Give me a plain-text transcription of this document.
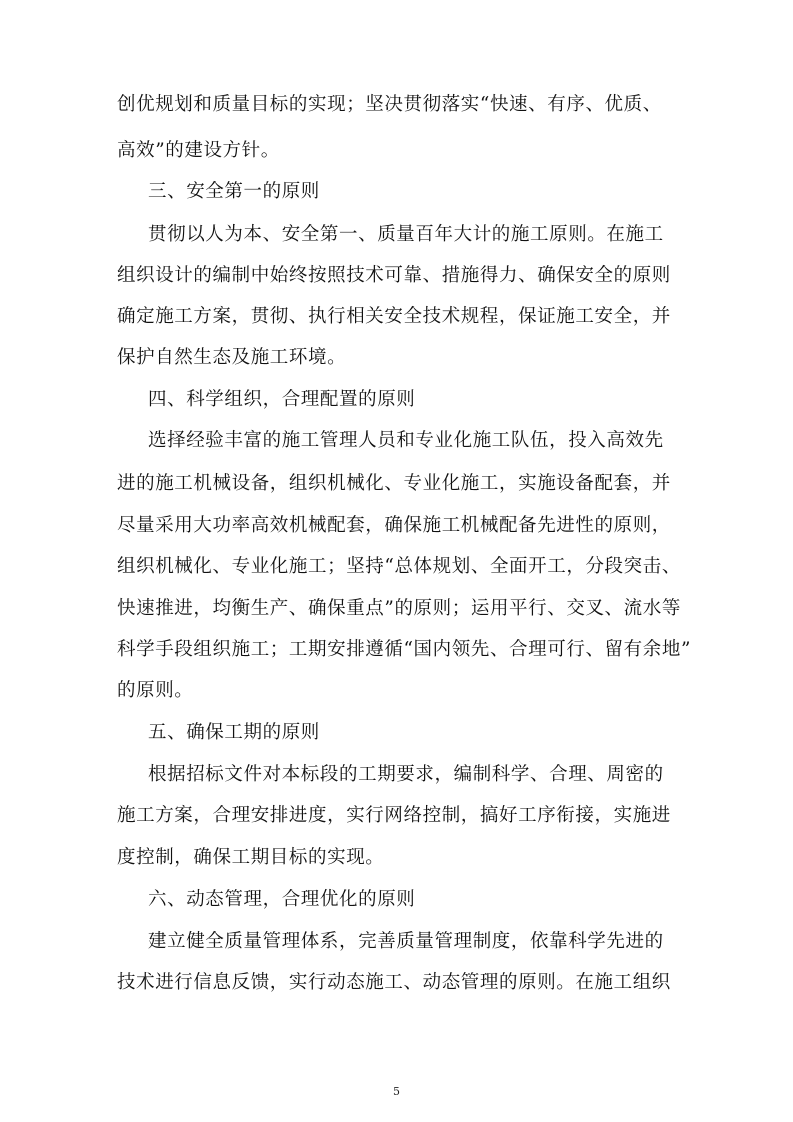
创优规划和质量目标的实现；坚决贯彻落实“快速、有序、优质、
高效”的建设方针。
三、安全第一的原则
贯彻以人为本、安全第一、质量百年大计的施工原则。在施工
组织设计的编制中始终按照技术可靠、措施得力、确保安全的原则
确定施工方案，贯彻、执行相关安全技术规程，保证施工安全，并
保护自然生态及施工环境。
四、科学组织，合理配置的原则
选择经验丰富的施工管理人员和专业化施工队伍，投入高效先
进的施工机械设备，组织机械化、专业化施工，实施设备配套，并
尽量采用大功率高效机械配套，确保施工机械配备先进性的原则，
组织机械化、专业化施工；坚持“总体规划、全面开工，分段突击、
快速推进，均衡生产、确保重点”的原则；运用平行、交叉、流水等
科学手段组织施工；工期安排遵循“国内领先、合理可行、留有余地”
的原则。
五、确保工期的原则
根据招标文件对本标段的工期要求，编制科学、合理、周密的
施工方案，合理安排进度，实行网络控制，搞好工序衔接，实施进
度控制，确保工期目标的实现。
六、动态管理，合理优化的原则
建立健全质量管理体系，完善质量管理制度，依靠科学先进的
技术进行信息反馈，实行动态施工、动态管理的原则。在施工组织
5
